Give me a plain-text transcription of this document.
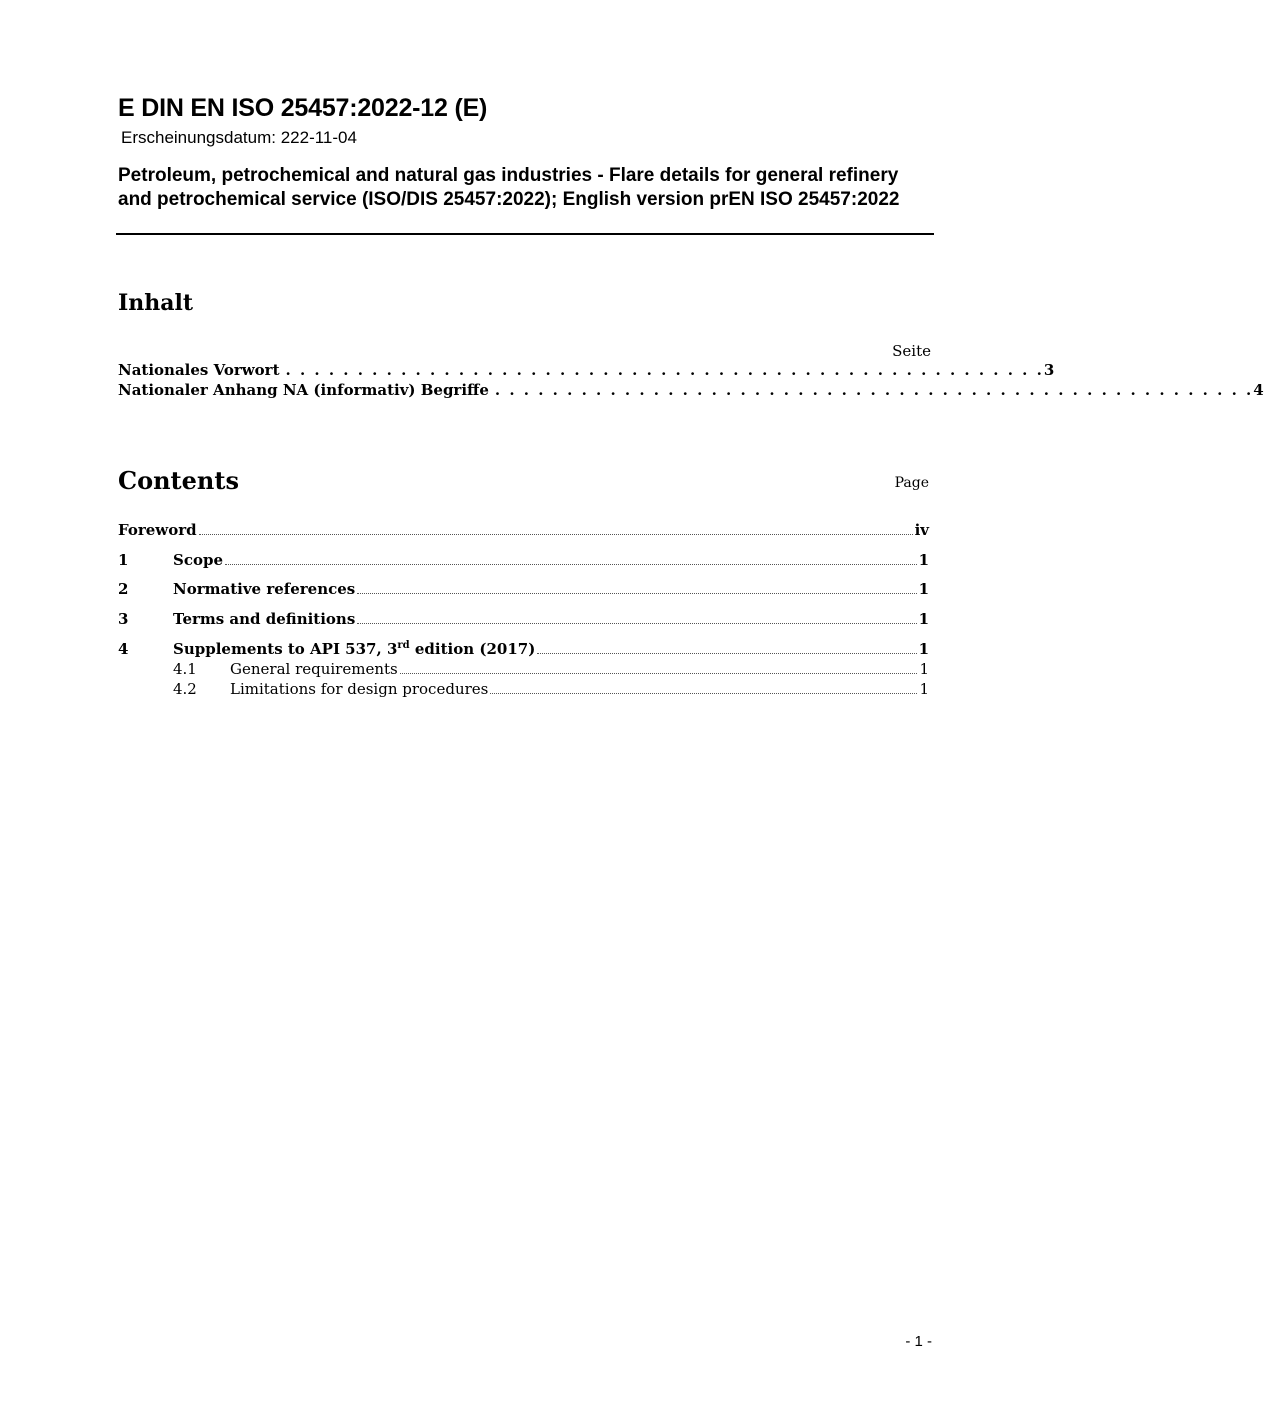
E DIN EN ISO 25457:2022-12 (E)
Erscheinungsdatum: 222-11-04
Petroleum, petrochemical and natural gas industries - Flare details for general refinery and petrochemical service (ISO/DIS 25457:2022); English version prEN ISO 25457:2022
Inhalt
Seite
Nationales Vorwort . . . . . . . . . . . . . . . . . . . . . . . . . . . . . . . . . . . . . . . . . . . . . . . . . . . . . 3
Nationaler Anhang NA (informativ) Begriffe . . . . . . . . . . . . . . . . . . . . . . . . . . . . . . . . . . . . . . . . . . . . . . . . . . . . . 4
Contents	Page
Foreword	iv
1	Scope	1
2	Normative references	1
3	Terms and definitions	1
4	Supplements to API 537, 3rd edition (2017)	1
4.1	General requirements	1
4.2	Limitations for design procedures	1
- 1 -
